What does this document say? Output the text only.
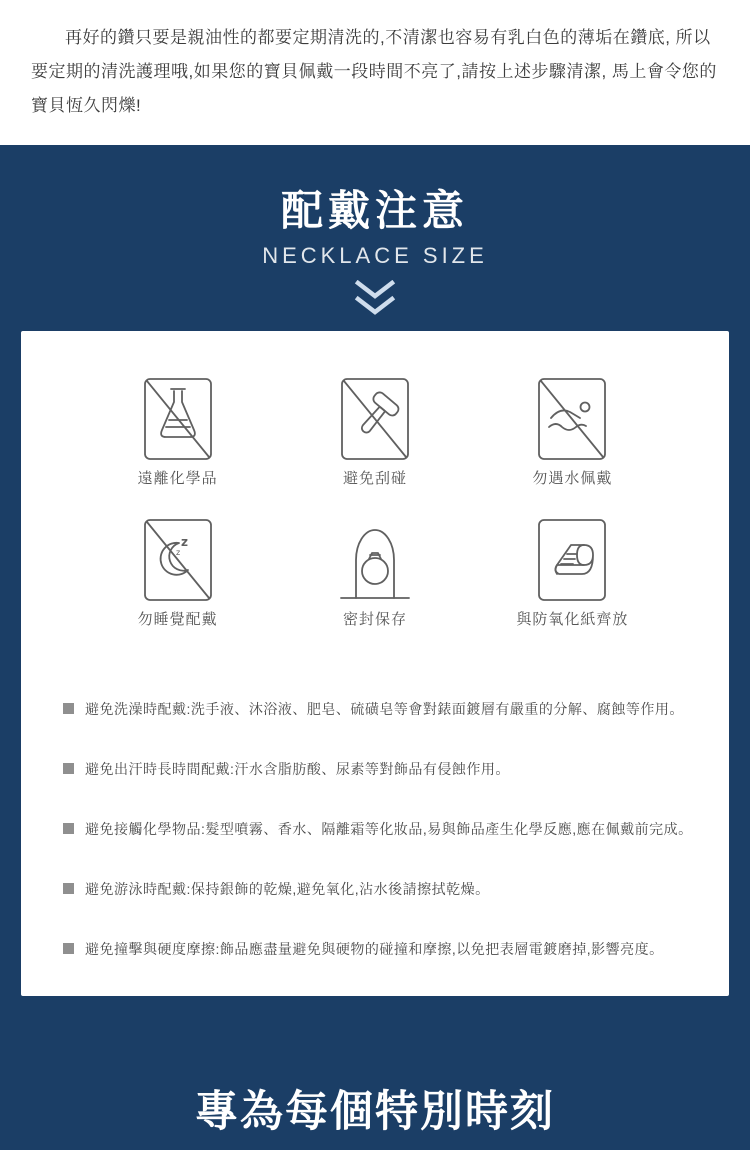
再好的鑽只要是親油性的都要定期清洗的,不清潔也容易有乳白色的薄垢在鑽底, 所以要定期的清洗護理哦,如果您的寶貝佩戴一段時間不亮了,請按上述步驟清潔, 馬上會令您的寶貝恆久閃爍!

配戴注意
NECKLACE SIZE
遠離化學品	避免刮碰	勿遇水佩戴
z
z
勿睡覺配戴	密封保存	與防氧化紙齊放
避免洗澡時配戴:洗手液、沐浴液、肥皂、硫磺皂等會對錶面鍍層有嚴重的分解、腐蝕等作用。
避免出汗時長時間配戴:汗水含脂肪酸、尿素等對飾品有侵蝕作用。
避免接觸化學物品:髮型噴霧、香水、隔離霜等化妝品,易與飾品產生化學反應,應在佩戴前完成。
避免游泳時配戴:保持銀飾的乾燥,避免氧化,沾水後請擦拭乾燥。
避免撞擊與硬度摩擦:飾品應盡量避免與硬物的碰撞和摩擦,以免把表層電鍍磨掉,影響亮度。
專為每個特別時刻
